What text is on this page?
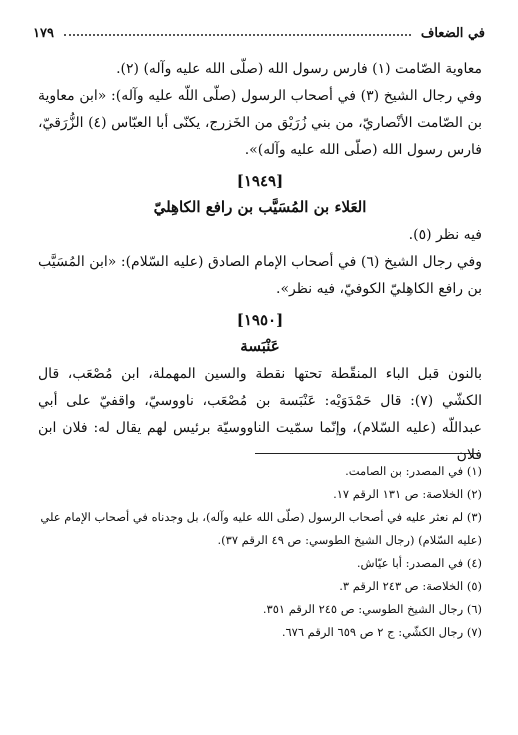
في الضعاف
١٧٩

معاوية الصّامت (١) فارس رسول الله (صلّى الله عليه وآله) (٢).

وفي رجال الشيخ (٣) في أصحاب الرسول (صلّى اللّه عليه وآله): «ابن معاوية بن الصّامت الأنْصاريّ، من بني زُرَيْق من الخَزرج، يكنّى أبا العبّاس (٤) الزُّرَقيّ، فارس رسول الله (صلّى الله عليه وآله)».

[١٩٤٩]
العَلاء بن المُسَيَّب بن رافع الكاهِليّ

فيه نظر (٥).

وفي رجال الشيخ (٦) في أصحاب الإمام الصادق (عليه السّلام): «ابن المُسَيَّب بن رافع الكاهِليّ الكوفيّ، فيه نظر».

[١٩٥٠]
عَنْبَسة

بالنون قبل الباء المنقّطة تحتها نقطة والسين المهملة، ابن مُصْعَب، قال الكشّي (٧): قال حَمْدَوَيْه: عَنْبَسة بن مُصْعَب، ناووسيّ، واقفيّ على أبي عبداللّه (عليه السّلام)، وإنّما سمّيت الناووسيّة برئيس لهم يقال له: فلان ابن فلان

(١) في المصدر: بن الصامت.

(٢) الخلاصة: ص ١٣١ الرقم ١٧.

(٣) لم نعثر عليه في أصحاب الرسول (صلّى الله عليه وآله)، بل وجدناه في أصحاب الإمام علي (عليه السّلام) (رجال الشيخ الطوسي: ص ٤٩ الرقم ٣٧).

(٤) في المصدر: أبا عيّاش.

(٥) الخلاصة: ص ٢٤٣ الرقم ٣.

(٦) رجال الشيخ الطوسي: ص ٢٤٥ الرقم ٣٥١.

(٧) رجال الكشّي: ج ٢ ص ٦٥٩ الرقم ٦٧٦.
